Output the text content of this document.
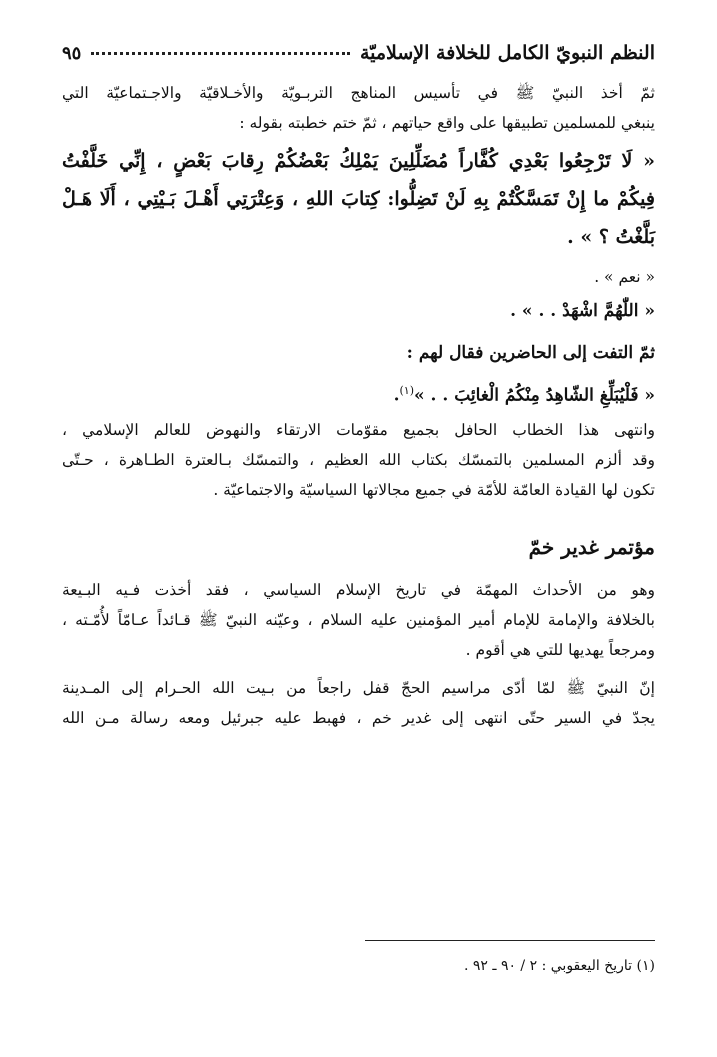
النظم النبويّ الكامل للخلافة الإسلاميّة
٩٥

ثمّ أخذ النبيّ ﷺ في تأسيس المناهج التربـويّة والأخـلاقيّة والاجـتماعيّة التي

ينبغي للمسلمين تطبيقها على واقع حياتهم ، ثمّ ختم خطبته بقوله :

« لَا تَرْجِعُوا بَعْدِي كُفَّاراً مُضَلِّلِينَ يَمْلِكُ بَعْضُكُمْ رِقابَ بَعْضٍ ، إِنِّي خَلَّفْتُ

فِيكُمْ ما إِنْ تَمَسَّكْتُمْ بِهِ لَنْ تَضِلُّوا: كِتابَ اللهِ ، وَعِتْرَتِي أَهْـلَ بَـيْتِي ، أَلَا هَـلْ

بَلَّغْتُ ؟ » .

« نعم » .

« اللّٰهُمَّ اشْهَدْ . . » .

ثمّ التفت إلى الحاضرين فقال لهم :

« فَلْيُبَلِّغِ الشّاهِدُ مِنْكُمُ الْغائِبَ . . »$^{(١)}$.

وانتهى هذا الخطاب الحافل بجميع مقوّمات الارتقاء والنهوض للعالم الإسلامي ،

وقد ألزم المسلمين بالتمسّك بكتاب الله العظيم ، والتمسّك بـالعترة الطـاهرة ، حـتّى

تكون لها القيادة العامّة للأمّة في جميع مجالاتها السياسيّة والاجتماعيّة .

مؤتمر غدير خمّ

وهو من الأحداث المهمّة في تاريخ الإسلام السياسي ، فقد أخذت فـيه البـيعة

بالخلافة والإمامة للإمام أمير المؤمنين عليه السلام ، وعيّنه النبيّ ﷺ قـائداً عـامّاً لأُمّـته ،

ومرجعاً يهديها للتي هي أقوم .

إنّ النبيّ ﷺ لمّا أدّى مراسيم الحجّ قفل راجعاً من بـيت الله الحـرام إلى المـدينة

يجدّ في السير حتّى انتهى إلى غدير خم ، فهبط عليه جبرئيل ومعه رسالة مـن الله

(١) تاريخ اليعقوبي : ٢ / ٩٠ ـ ٩٢ .
